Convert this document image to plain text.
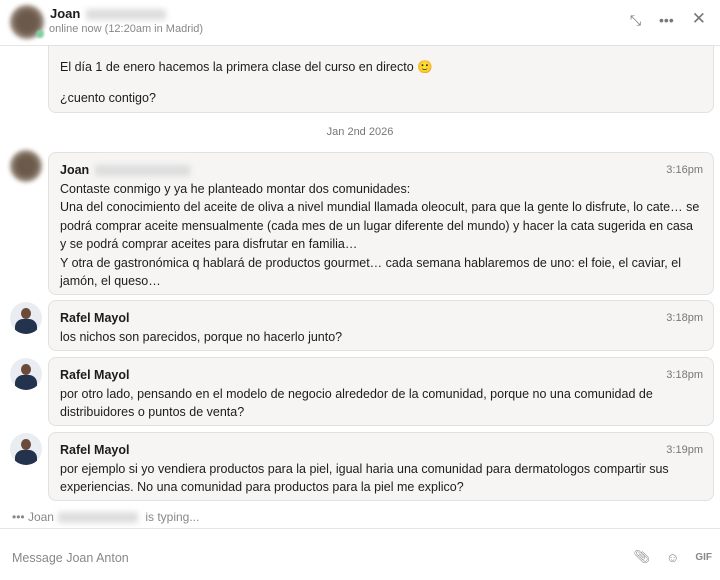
Joan
online now (12:20am in Madrid)
⤡ ••• ✕
El día 1 de enero hacemos la primera clase del curso en directo 🙂
¿cuento contigo?
Jan 2nd 2026
Joan	3:16pm
Contaste conmigo y ya he planteado montar dos comunidades:
Una del conocimiento del aceite de oliva a nivel mundial llamada oleocult, para que la gente lo disfrute, lo cate… se podrá comprar aceite mensualmente (cada mes de un lugar diferente del mundo) y hacer la cata sugerida en casa y se podrá comprar aceites para disfrutar en familia…
Y otra de gastronómica q hablará de productos gourmet… cada semana hablaremos de uno: el foie, el caviar, el jamón, el queso…
Rafel Mayol	3:18pm
los nichos son parecidos, porque no hacerlo junto?
Rafel Mayol	3:18pm
por otro lado, pensando en el modelo de negocio alrededor de la comunidad, porque no una comunidad de distribuidores o puntos de venta?
Rafel Mayol	3:19pm
por ejemplo si yo vendiera productos para la piel, igual haria una comunidad para dermatologos compartir sus experiencias. No una comunidad para productos para la piel me explico?
••• Joan	is typing...
Message Joan Anton	📎︎ ☺ GIF
